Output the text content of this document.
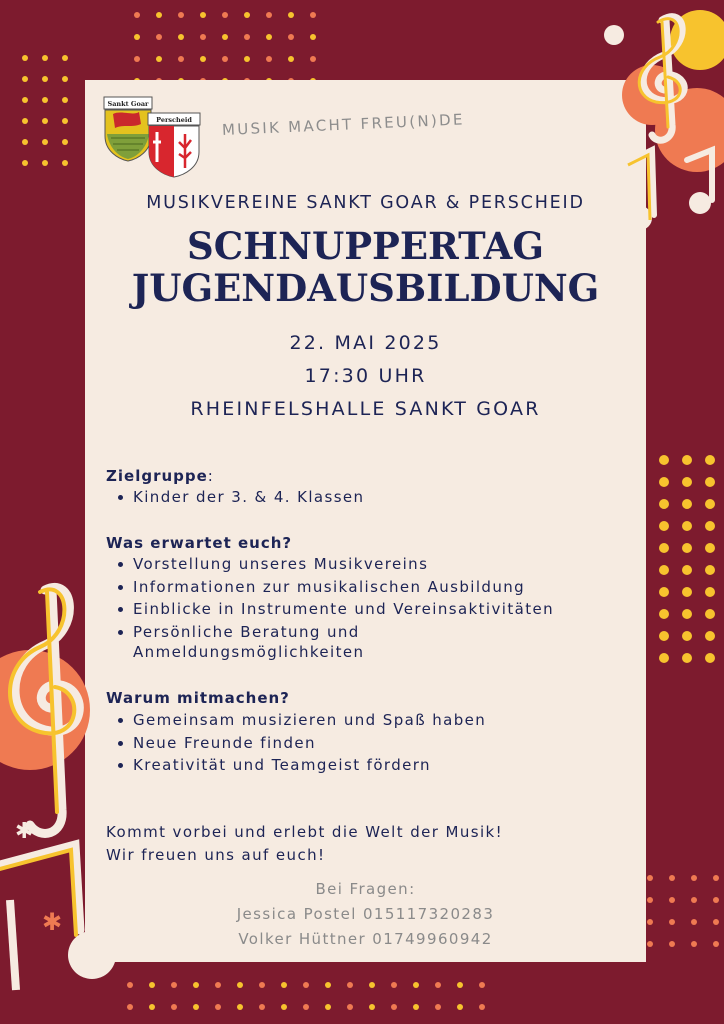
✱
✱
✱
Sankt Goar
Perscheid MUSIK MACHT FREU(N)DE
MUSIKVEREINE SANKT GOAR & PERSCHEID
SCHNUPPERTAG
JUGENDAUSBILDUNG
22. MAI 2025
17:30 UHR
RHEINFELSHALLE SANKT GOAR
Zielgruppe:
Kinder der 3. & 4. Klassen
Was erwartet euch?
Vorstellung unseres Musikvereins
Informationen zur musikalischen Ausbildung
Einblicke in Instrumente und Vereinsaktivitäten
Persönliche Beratung und
Anmeldungsmöglichkeiten
Warum mitmachen?
Gemeinsam musizieren und Spaß haben
Neue Freunde finden
Kreativität und Teamgeist fördern
Kommt vorbei und erlebt die Welt der Musik!
Wir freuen uns auf euch!
Bei Fragen:
Jessica Postel 015117320283
Volker Hüttner 01749960942
